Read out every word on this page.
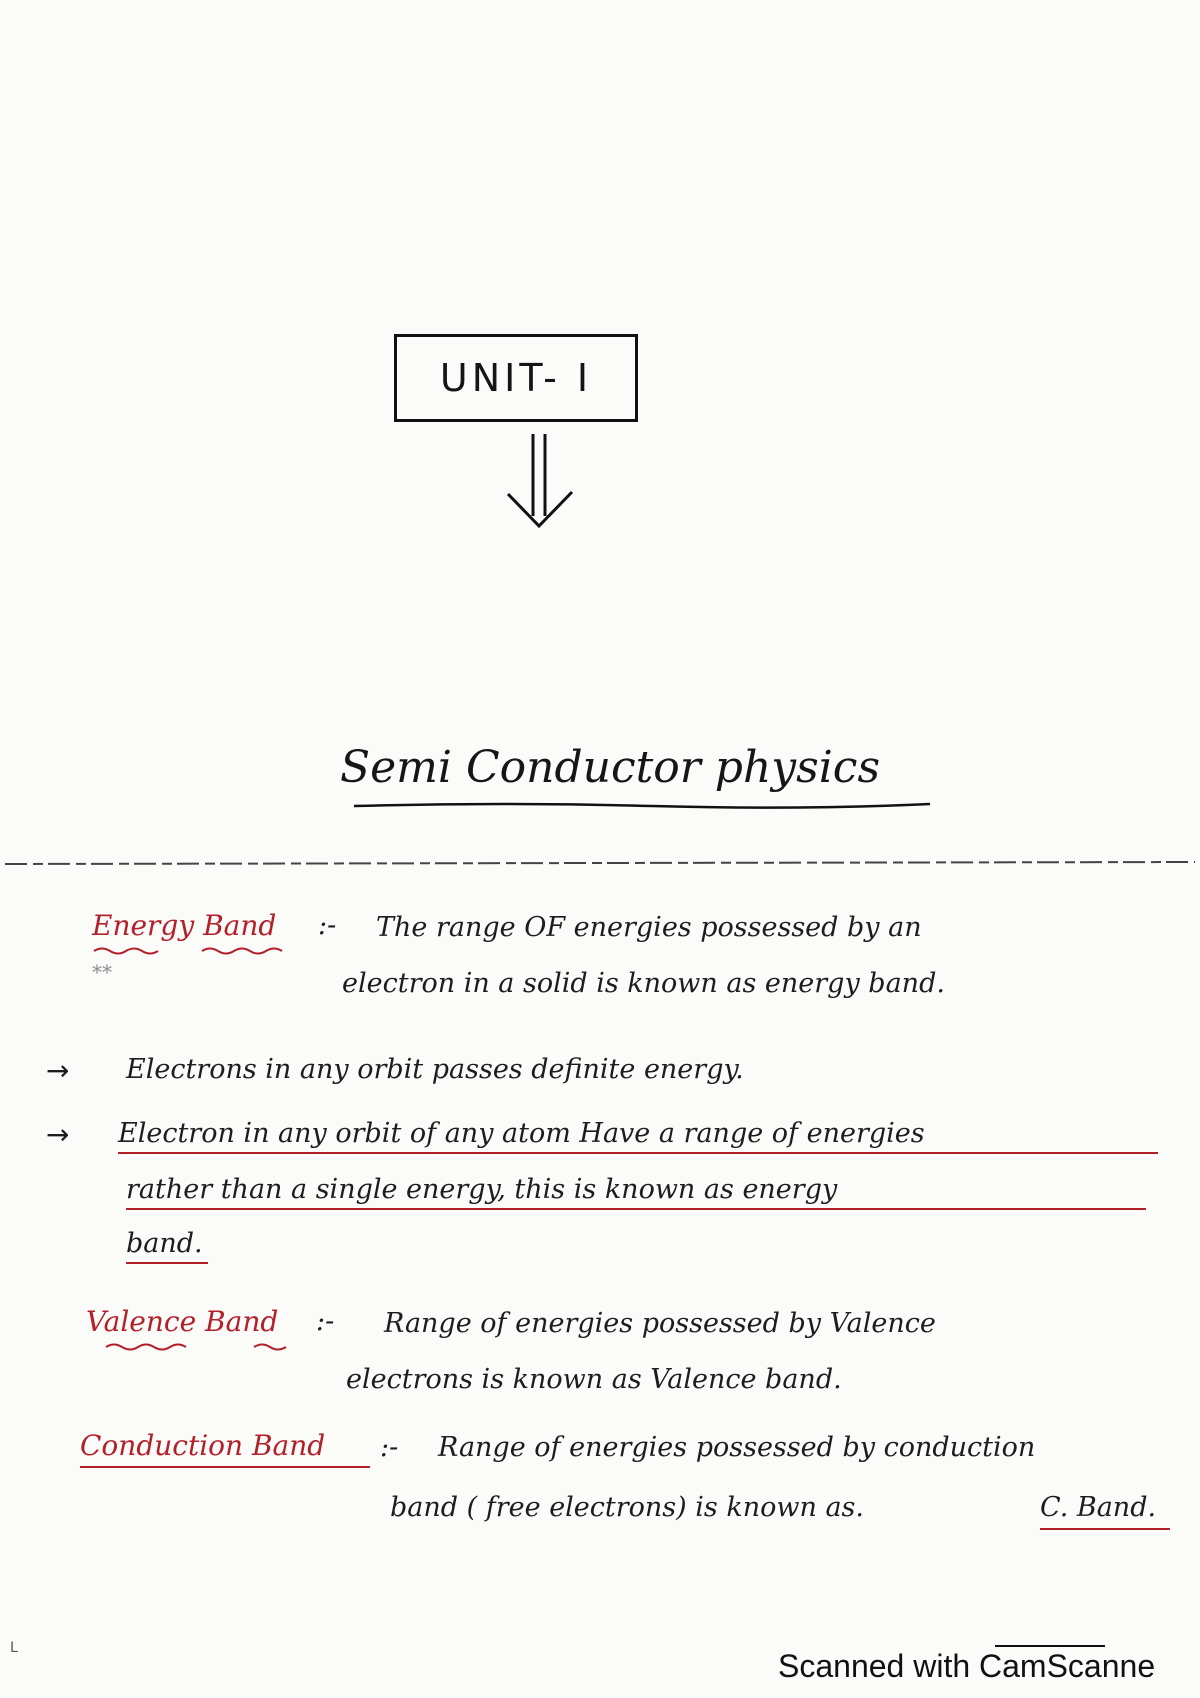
UNIT- I
Semi Conductor physics
Energy Band :- The range OF energies possessed by an
electron in a solid is known as energy band.
**
→ Electrons in any orbit passes definite energy.
→ Electron in any orbit of any atom Have a range of energies
rather than a single energy, this is known as energy
band.
Valence Band :- Range of energies possessed by Valence
electrons is known as Valence band.
Conduction Band :- Range of energies possessed by conduction
band ( free electrons) is known as.	C. Band.
Scanned with CamScanne
L
